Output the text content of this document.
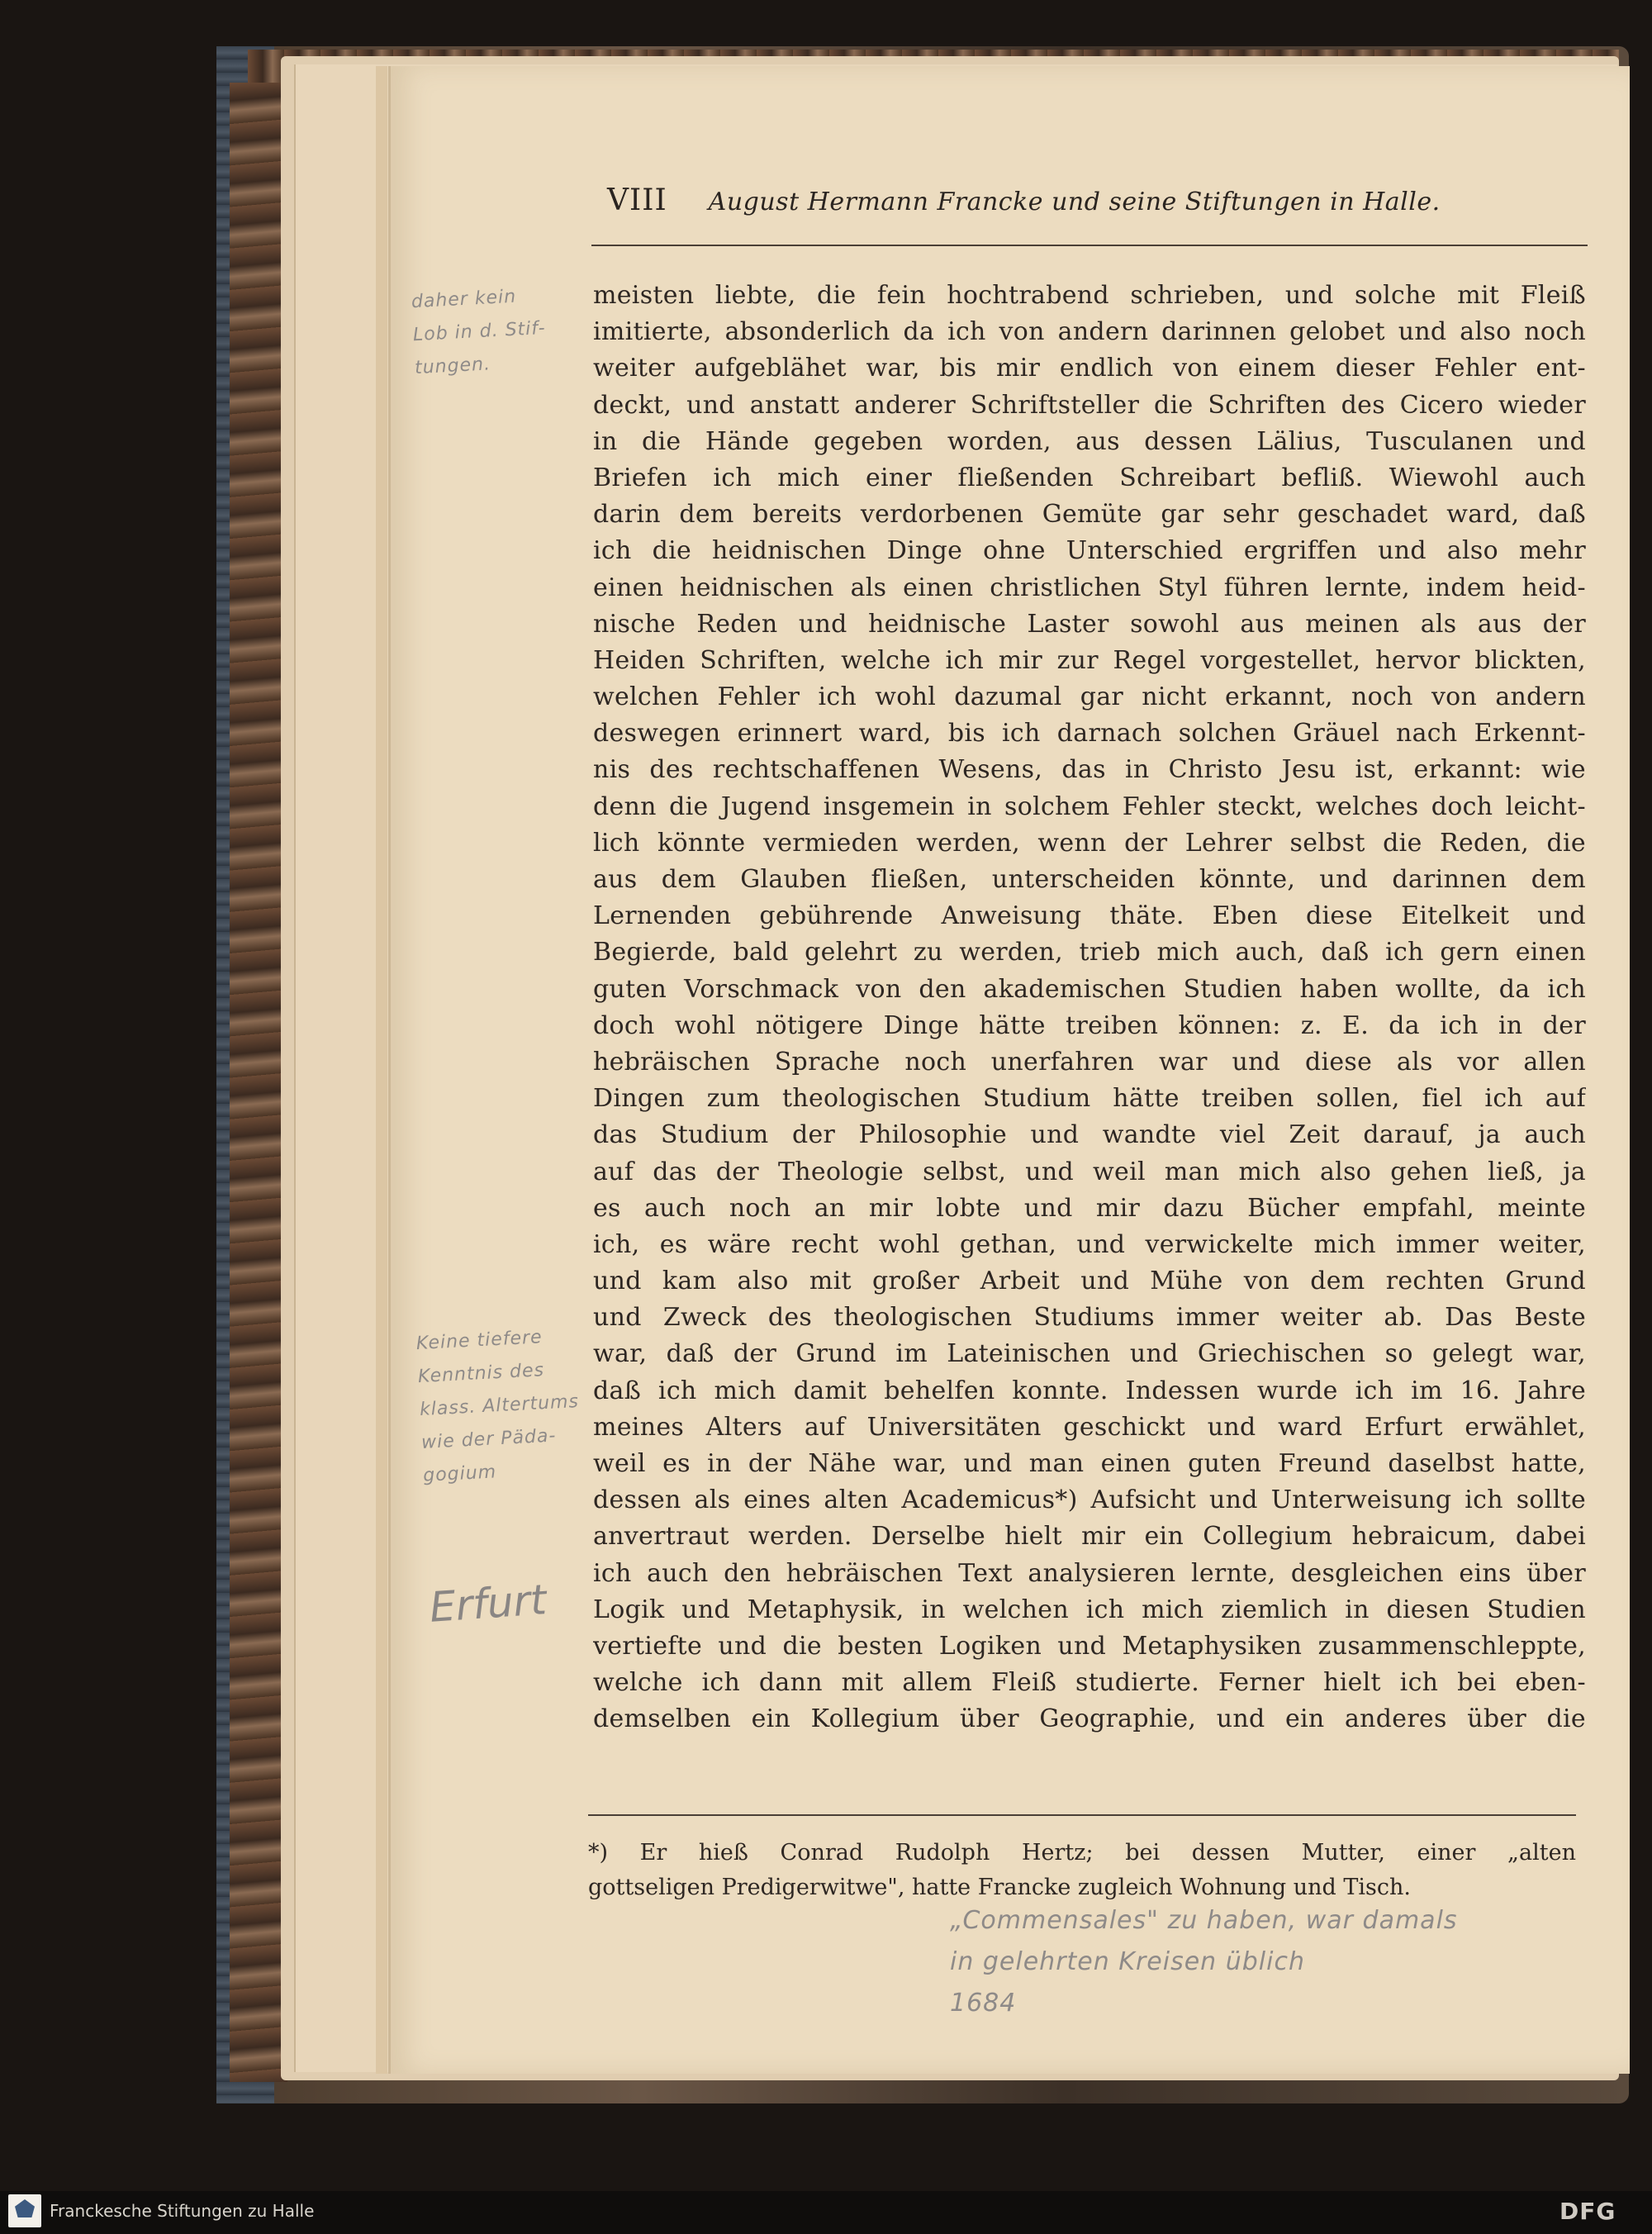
VIII August Hermann Francke und seine Stiftungen in Halle.
meisten liebte, die fein hochtrabend schrieben, und solche mit Fleiß
imitierte, absonderlich da ich von andern darinnen gelobet und also noch
weiter aufgeblähet war, bis mir endlich von einem dieser Fehler ent-
deckt, und anstatt anderer Schriftsteller die Schriften des Cicero wieder
in die Hände gegeben worden, aus dessen Lälius, Tusculanen und
Briefen ich mich einer fließenden Schreibart befliß. Wiewohl auch
darin dem bereits verdorbenen Gemüte gar sehr geschadet ward, daß
ich die heidnischen Dinge ohne Unterschied ergriffen und also mehr
einen heidnischen als einen christlichen Styl führen lernte, indem heid-
nische Reden und heidnische Laster sowohl aus meinen als aus der
Heiden Schriften, welche ich mir zur Regel vorgestellet, hervor blickten,
welchen Fehler ich wohl dazumal gar nicht erkannt, noch von andern
deswegen erinnert ward, bis ich darnach solchen Gräuel nach Erkennt-
nis des rechtschaffenen Wesens, das in Christo Jesu ist, erkannt: wie
denn die Jugend insgemein in solchem Fehler steckt, welches doch leicht-
lich könnte vermieden werden, wenn der Lehrer selbst die Reden, die
aus dem Glauben fließen, unterscheiden könnte, und darinnen dem
Lernenden gebührende Anweisung thäte. Eben diese Eitelkeit und
Begierde, bald gelehrt zu werden, trieb mich auch, daß ich gern einen
guten Vorschmack von den akademischen Studien haben wollte, da ich
doch wohl nötigere Dinge hätte treiben können: z. E. da ich in der
hebräischen Sprache noch unerfahren war und diese als vor allen
Dingen zum theologischen Studium hätte treiben sollen, fiel ich auf
das Studium der Philosophie und wandte viel Zeit darauf, ja auch
auf das der Theologie selbst, und weil man mich also gehen ließ, ja
es auch noch an mir lobte und mir dazu Bücher empfahl, meinte
ich, es wäre recht wohl gethan, und verwickelte mich immer weiter,
und kam also mit großer Arbeit und Mühe von dem rechten Grund
und Zweck des theologischen Studiums immer weiter ab. Das Beste
war, daß der Grund im Lateinischen und Griechischen so gelegt war,
daß ich mich damit behelfen konnte. Indessen wurde ich im 16. Jahre
meines Alters auf Universitäten geschickt und ward Erfurt erwählet,
weil es in der Nähe war, und man einen guten Freund daselbst hatte,
dessen als eines alten Academicus*) Aufsicht und Unterweisung ich sollte
anvertraut werden. Derselbe hielt mir ein Collegium hebraicum, dabei
ich auch den hebräischen Text analysieren lernte, desgleichen eins über
Logik und Metaphysik, in welchen ich mich ziemlich in diesen Studien
vertiefte und die besten Logiken und Metaphysiken zusammenschleppte,
welche ich dann mit allem Fleiß studierte. Ferner hielt ich bei eben-
demselben ein Kollegium über Geographie, und ein anderes über die
*) Er hieß Conrad Rudolph Hertz; bei dessen Mutter, einer „alten
gottseligen Predigerwitwe", hatte Francke zugleich Wohnung und Tisch.
daher kein
Lob in d. Stif-
tungen.
Keine tiefere
Kenntnis des
klass. Altertums
wie der Päda-
gogium
Erfurt
„Commensales" zu haben, war damals
in gelehrten Kreisen üblich
1684
Franckesche Stiftungen zu Halle	DFG
